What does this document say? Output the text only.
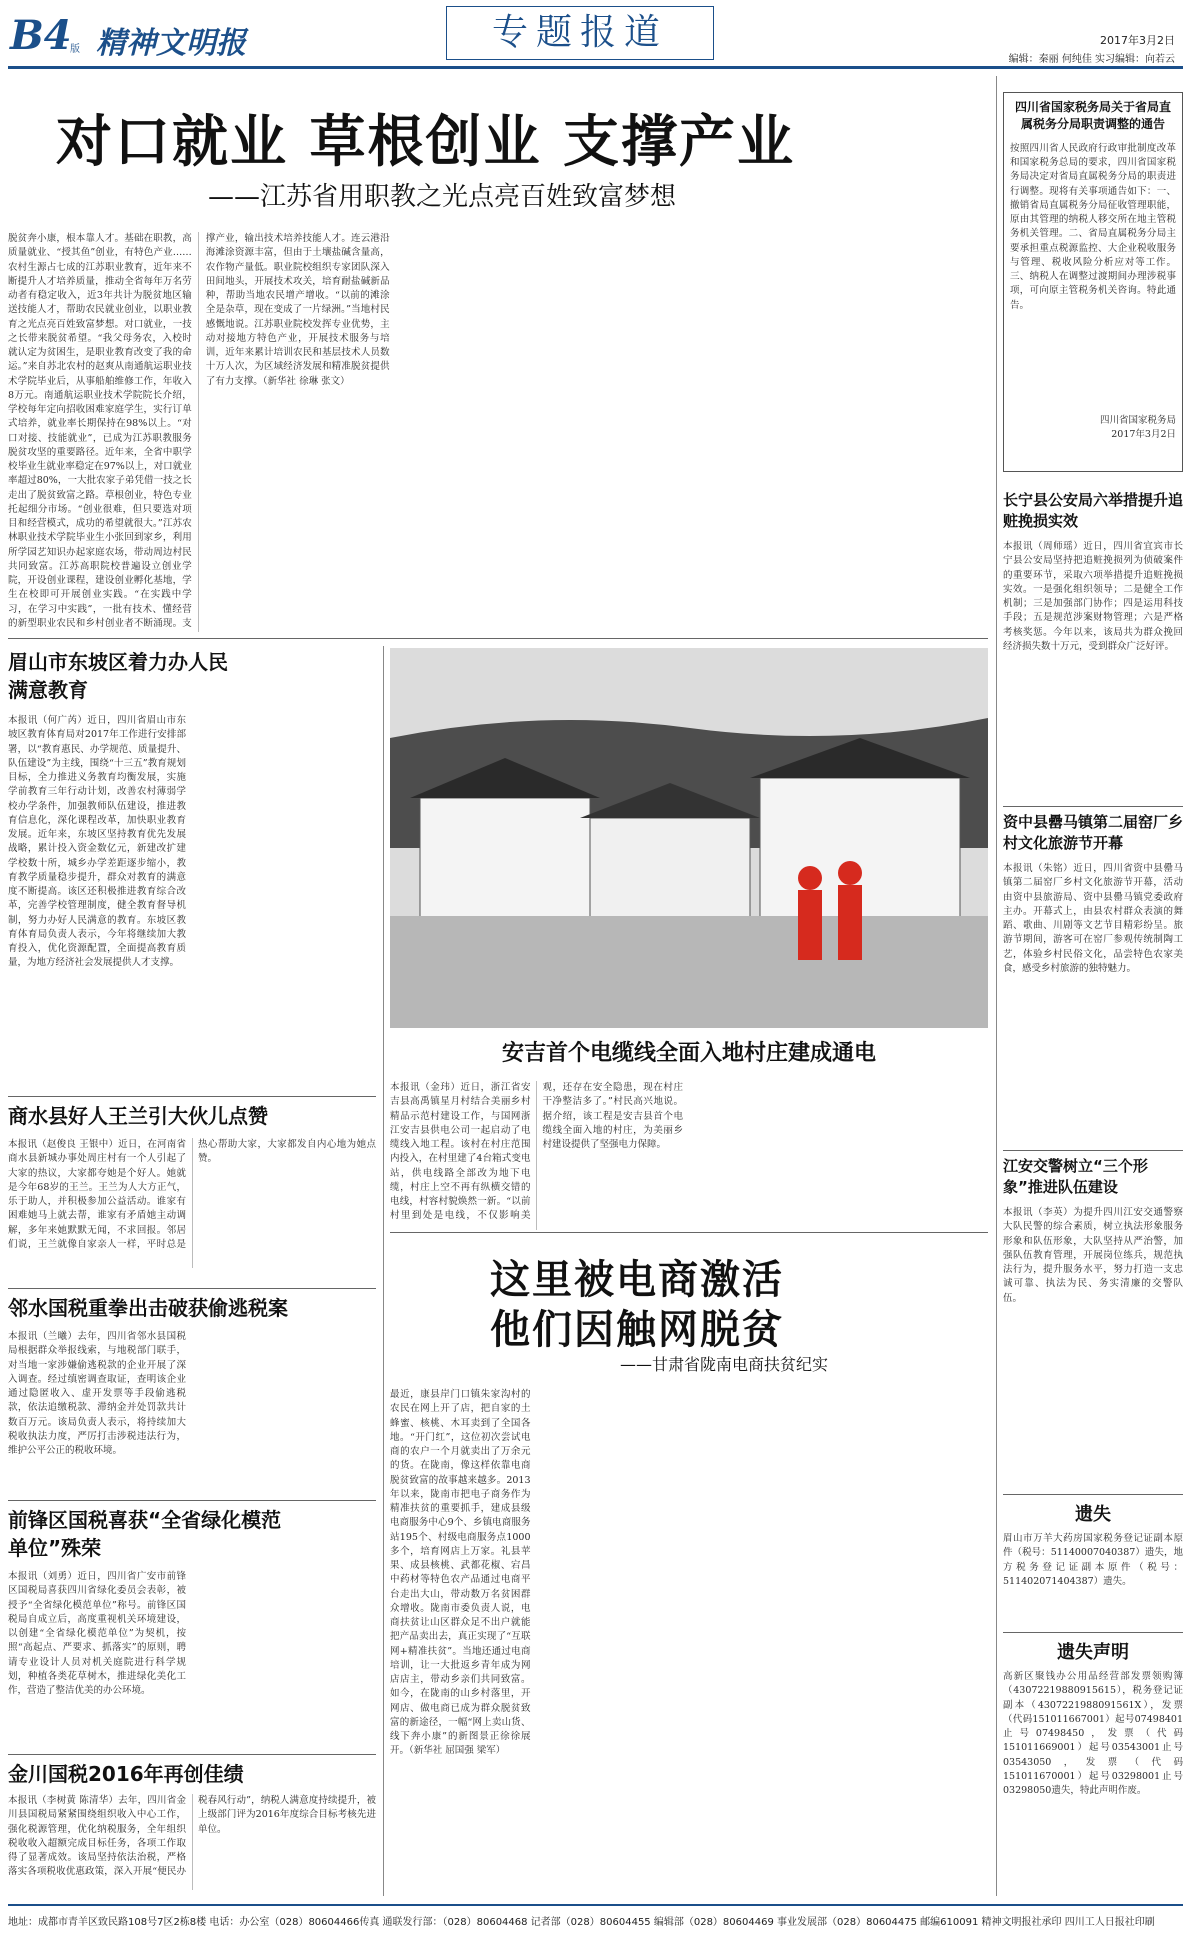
B4
版 精神文明报	专题报道	2017年3月2日
编辑：秦丽 何纯佳 实习编辑：向若云
对口就业 草根创业 支撑产业
——江苏省用职教之光点亮百姓致富梦想
脱贫奔小康，根本靠人才。基础在职教，高质量就业、“授其鱼”创业，有特色产业……农村生源占七成的江苏职业教育，近年来不断提升人才培养质量，推动全省每年万名劳动者有稳定收入，近3年共计为脱贫地区输送技能人才，帮助农民就业创业，以职业教育之光点亮百姓致富梦想。对口就业，一技之长带来脱贫希望。“我父母务农，入校时就认定为贫困生，是职业教育改变了我的命运。”来自苏北农村的赵爽从南通航运职业技术学院毕业后，从事船舶维修工作，年收入8万元。南通航运职业技术学院院长介绍，学校每年定向招收困难家庭学生，实行订单式培养，就业率长期保持在98%以上。“对口对接、技能就业”，已成为江苏职教服务脱贫攻坚的重要路径。近年来，全省中职学校毕业生就业率稳定在97%以上，对口就业率超过80%，一大批农家子弟凭借一技之长走出了脱贫致富之路。草根创业，特色专业托起细分市场。“创业很难，但只要选对项目和经营模式，成功的希望就很大。”江苏农林职业技术学院毕业生小张回到家乡，利用所学园艺知识办起家庭农场，带动周边村民共同致富。江苏高职院校普遍设立创业学院，开设创业课程，建设创业孵化基地，学生在校即可开展创业实践。“在实践中学习，在学习中实践”，一批有技术、懂经营的新型职业农民和乡村创业者不断涌现。支撑产业，输出技术培养技能人才。连云港沿海滩涂资源丰富，但由于土壤盐碱含量高，农作物产量低。职业院校组织专家团队深入田间地头，开展技术攻关，培育耐盐碱新品种，帮助当地农民增产增收。“以前的滩涂全是杂草，现在变成了一片绿洲。”当地村民感慨地说。江苏职业院校发挥专业优势，主动对接地方特色产业，开展技术服务与培训，近年来累计培训农民和基层技术人员数十万人次，为区域经济发展和精准脱贫提供了有力支撑。（新华社 徐琳 张文）
四川省国家税务局关于省局直属税务分局职责调整的通告
按照四川省人民政府行政审批制度改革和国家税务总局的要求，四川省国家税务局决定对省局直属税务分局的职责进行调整。现将有关事项通告如下：一、撤销省局直属税务分局征收管理职能，原由其管理的纳税人移交所在地主管税务机关管理。二、省局直属税务分局主要承担重点税源监控、大企业税收服务与管理、税收风险分析应对等工作。三、纳税人在调整过渡期间办理涉税事项，可向原主管税务机关咨询。特此通告。
四川省国家税务局
2017年3月2日
长宁县公安局六举措提升追赃挽损实效
本报讯（周师瑶）近日，四川省宜宾市长宁县公安局坚持把追赃挽损列为侦破案件的重要环节，采取六项举措提升追赃挽损实效。一是强化组织领导；二是健全工作机制；三是加强部门协作；四是运用科技手段；五是规范涉案财物管理；六是严格考核奖惩。今年以来，该局共为群众挽回经济损失数十万元，受到群众广泛好评。
资中县罍马镇第二届窑厂乡村文化旅游节开幕
本报讯（朱铭）近日，四川省资中县罍马镇第二届窑厂乡村文化旅游节开幕，活动由资中县旅游局、资中县罍马镇党委政府主办。开幕式上，由县农村群众表演的舞蹈、歌曲、川剧等文艺节目精彩纷呈。旅游节期间，游客可在窑厂参观传统制陶工艺，体验乡村民俗文化，品尝特色农家美食，感受乡村旅游的独特魅力。
江安交警树立“三个形象”推进队伍建设
本报讯（李英）为提升四川江安交通警察大队民警的综合素质，树立执法形象服务形象和队伍形象，大队坚持从严治警，加强队伍教育管理，开展岗位练兵，规范执法行为，提升服务水平，努力打造一支忠诚可靠、执法为民、务实清廉的交警队伍。
遗失
眉山市万羊大药房国家税务登记证副本原件（税号：51140007040387）遗失，地方税务登记证副本原件（税号：511402071404387）遗失。
遗失声明
高新区聚钱办公用品经营部发票领购簿（43072219880915615），税务登记证副本（4307221988091561X），发票（代码151011667001）起号07498401止号07498450，发票（代码151011669001）起号03543001止号03543050，发票（代码151011670001）起号03298001止号03298050遗失，特此声明作废。
眉山市东坡区着力办人民满意教育
本报讯（何广芮）近日，四川省眉山市东坡区教育体育局对2017年工作进行安排部署，以“教育惠民、办学规范、质量提升、队伍建设”为主线，围绕“十三五”教育规划目标，全力推进义务教育均衡发展，实施学前教育三年行动计划，改善农村薄弱学校办学条件，加强教师队伍建设，推进教育信息化，深化课程改革，加快职业教育发展。近年来，东坡区坚持教育优先发展战略，累计投入资金数亿元，新建改扩建学校数十所，城乡办学差距逐步缩小，教育教学质量稳步提升，群众对教育的满意度不断提高。该区还积极推进教育综合改革，完善学校管理制度，健全教育督导机制，努力办好人民满意的教育。东坡区教育体育局负责人表示，今年将继续加大教育投入，优化资源配置，全面提高教育质量，为地方经济社会发展提供人才支撑。
商水县好人王兰引大伙儿点赞
本报讯（赵俊良 王银中）近日，在河南省商水县新城办事处周庄村有一个人引起了大家的热议，大家都夸她是个好人。她就是今年68岁的王兰。王兰为人大方正气，乐于助人，并积极参加公益活动。谁家有困难她马上就去帮，谁家有矛盾她主动调解，多年来她默默无闻，不求回报。邻居们说，王兰就像自家亲人一样，平时总是热心帮助大家，大家都发自内心地为她点赞。
邻水国税重拳出击破获偷逃税案
本报讯（兰曦）去年，四川省邻水县国税局根据群众举报线索，与地税部门联手，对当地一家涉嫌偷逃税款的企业开展了深入调查。经过缜密调查取证，查明该企业通过隐匿收入、虚开发票等手段偷逃税款，依法追缴税款、滞纳金并处罚款共计数百万元。该局负责人表示，将持续加大税收执法力度，严厉打击涉税违法行为，维护公平公正的税收环境。
前锋区国税喜获“全省绿化模范单位”殊荣
本报讯（刘勇）近日，四川省广安市前锋区国税局喜获四川省绿化委员会表彰，被授予“全省绿化模范单位”称号。前锋区国税局自成立后，高度重视机关环境建设，以创建“全省绿化模范单位”为契机，按照“高起点、严要求、抓落实”的原则，聘请专业设计人员对机关庭院进行科学规划，种植各类花草树木，推进绿化美化工作，营造了整洁优美的办公环境。
金川国税2016年再创佳绩
本报讯（李树黄 陈清华）去年，四川省金川县国税局紧紧围绕组织收入中心工作，强化税源管理，优化纳税服务，全年组织税收收入超额完成目标任务，各项工作取得了显著成效。该局坚持依法治税，严格落实各项税收优惠政策，深入开展“便民办税春风行动”，纳税人满意度持续提升，被上级部门评为2016年度综合目标考核先进单位。
安吉首个电缆线全面入地村庄建成通电
本报讯（金玮）近日，浙江省安吉县高禹镇星月村结合美丽乡村精品示范村建设工作，与国网浙江安吉县供电公司一起启动了电缆线入地工程。该村在村庄范围内投入，在村里建了4台箱式变电站，供电线路全部改为地下电缆，村庄上空不再有纵横交错的电线，村容村貌焕然一新。“以前村里到处是电线，不仅影响美观，还存在安全隐患，现在村庄干净整洁多了。”村民高兴地说。据介绍，该工程是安吉县首个电缆线全面入地的村庄，为美丽乡村建设提供了坚强电力保障。
这里被电商激活
他们因触网脱贫
——甘肃省陇南电商扶贫纪实
最近，康县岸门口镇朱家沟村的农民在网上开了店，把自家的土蜂蜜、核桃、木耳卖到了全国各地。“开门红”，这位初次尝试电商的农户一个月就卖出了万余元的货。在陇南，像这样依靠电商脱贫致富的故事越来越多。2013年以来，陇南市把电子商务作为精准扶贫的重要抓手，建成县级电商服务中心9个、乡镇电商服务站195个、村级电商服务点1000多个，培育网店上万家。礼县苹果、成县核桃、武都花椒、宕昌中药材等特色农产品通过电商平台走出大山，带动数万名贫困群众增收。陇南市委负责人说，电商扶贫让山区群众足不出户就能把产品卖出去，真正实现了“互联网+精准扶贫”。当地还通过电商培训，让一大批返乡青年成为网店店主，带动乡亲们共同致富。如今，在陇南的山乡村落里，开网店、做电商已成为群众脱贫致富的新途径，一幅“网上卖山货、线下奔小康”的新图景正徐徐展开。（新华社 屈国强 梁军）
地址：成都市青羊区致民路108号7区2栋8楼 电话：办公室（028）80604466传真 通联发行部：（028）80604468 记者部（028）80604455 编辑部（028）80604469 事业发展部（028）80604475 邮编610091 精神文明报社承印 四川工人日报社印刷
